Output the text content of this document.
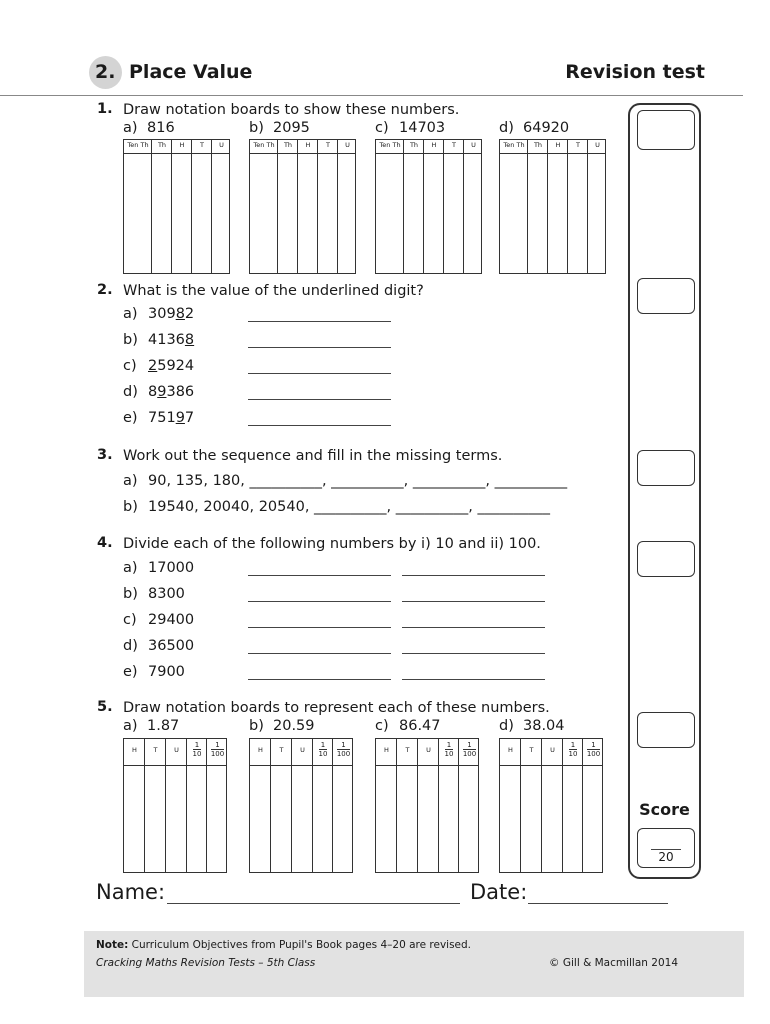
2. Place Value	Revision test
Score
20
1. Draw notation boards to show these numbers.
a) 816
Ten Th	Th	H	T	U
b) 2095
Ten Th	Th	H	T	U
c) 14703
Ten Th	Th	H	T	U
d) 64920
Ten Th	Th	H	T	U
2. What is the value of the underlined digit?
a) 30982
b) 41368
c) 25924
d) 89386
e) 75197
3. Work out the sequence and fill in the missing terms.
a) 90, 135, 180, __________, __________, __________, __________
b) 19540, 20040, 20540, __________, __________, __________
4. Divide each of the following numbers by i) 10 and ii) 100.
a) 17000
b) 8300
c) 29400
d) 36500
e) 7900
5. Draw notation boards to represent each of these numbers.
a) 1.87
H	T	U	$\frac{1}{10}$	$\frac{1}{100}$
b) 20.59
H	T	U	$\frac{1}{10}$	$\frac{1}{100}$
c) 86.47
H	T	U	$\frac{1}{10}$	$\frac{1}{100}$
d) 38.04
H	T	U	$\frac{1}{10}$	$\frac{1}{100}$
Name:	Date:
Note: Curriculum Objectives from Pupil's Book pages 4–20 are revised.
Cracking Maths Revision Tests – 5th Class	© Gill & Macmillan 2014
